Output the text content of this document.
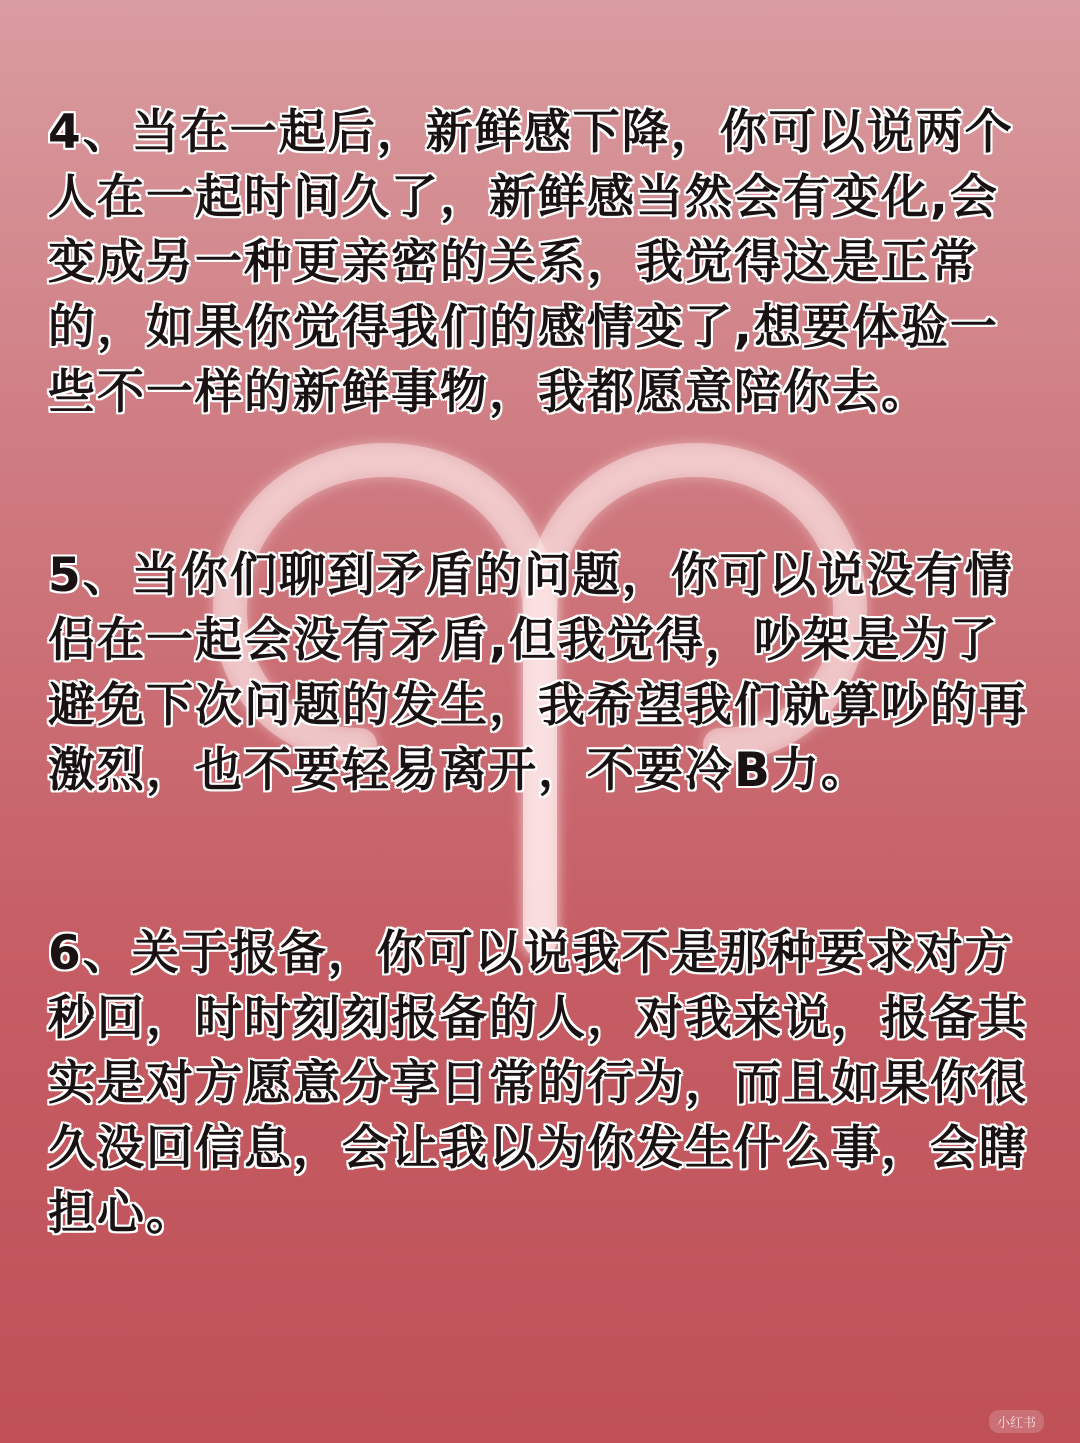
4、当在一起后，新鲜感下降，你可以说两个人在一起时间久了，新鲜感当然会有变化,会变成另一种更亲密的关系，我觉得这是正常的，如果你觉得我们的感情变了,想要体验一些不一样的新鲜事物，我都愿意陪你去。

5、当你们聊到矛盾的问题，你可以说没有情侣在一起会没有矛盾,但我觉得，吵架是为了避免下次问题的发生，我希望我们就算吵的再激烈，也不要轻易离开，不要冷B力。

6、关于报备，你可以说我不是那种要求对方秒回，时时刻刻报备的人，对我来说，报备其实是对方愿意分享日常的行为，而且如果你很久没回信息，会让我以为你发生什么事，会瞎担心。

小红书
